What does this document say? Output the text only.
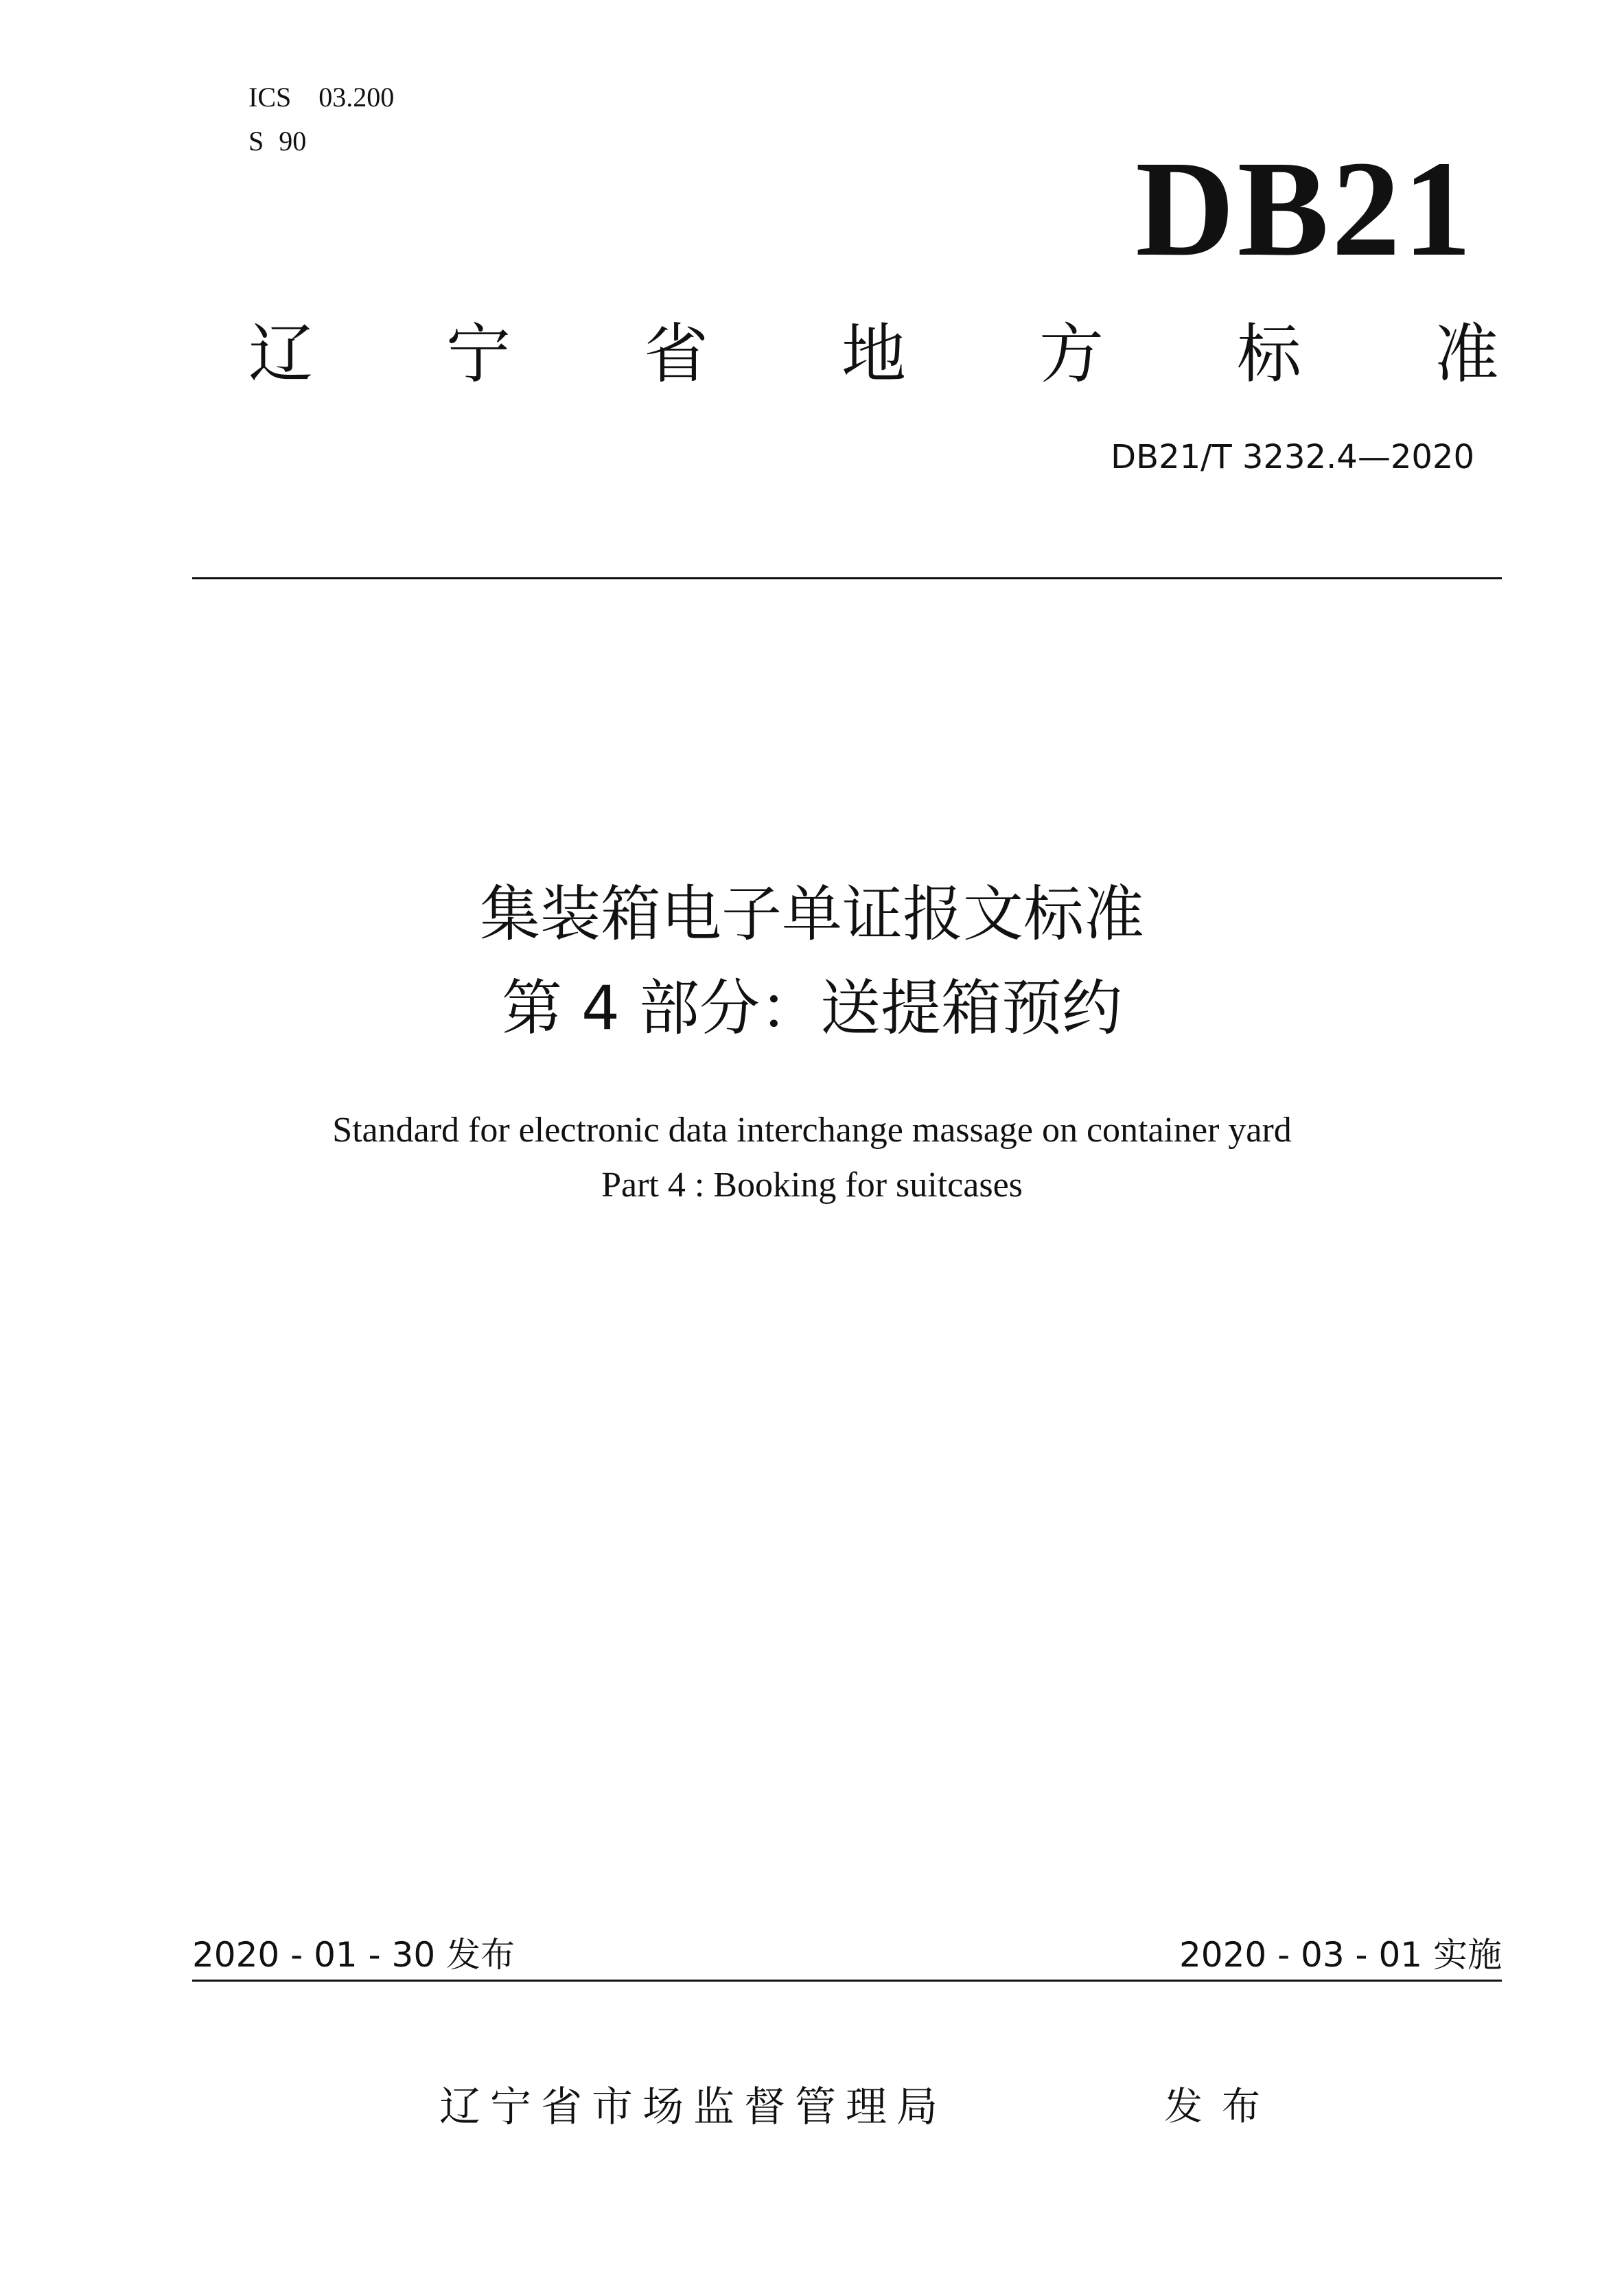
ICS 03.200
S 90	DB21
辽 宁 省 地 方 标 准
DB21/T 3232.4—2020
集装箱电子单证报文标准
第 4 部分：送提箱预约
Standard for electronic data interchange massage on container yard
Part 4 : Booking for suitcases
2020 - 01 - 30 发布	2020 - 03 - 01 实施
辽宁省市场监督管理局	发布
